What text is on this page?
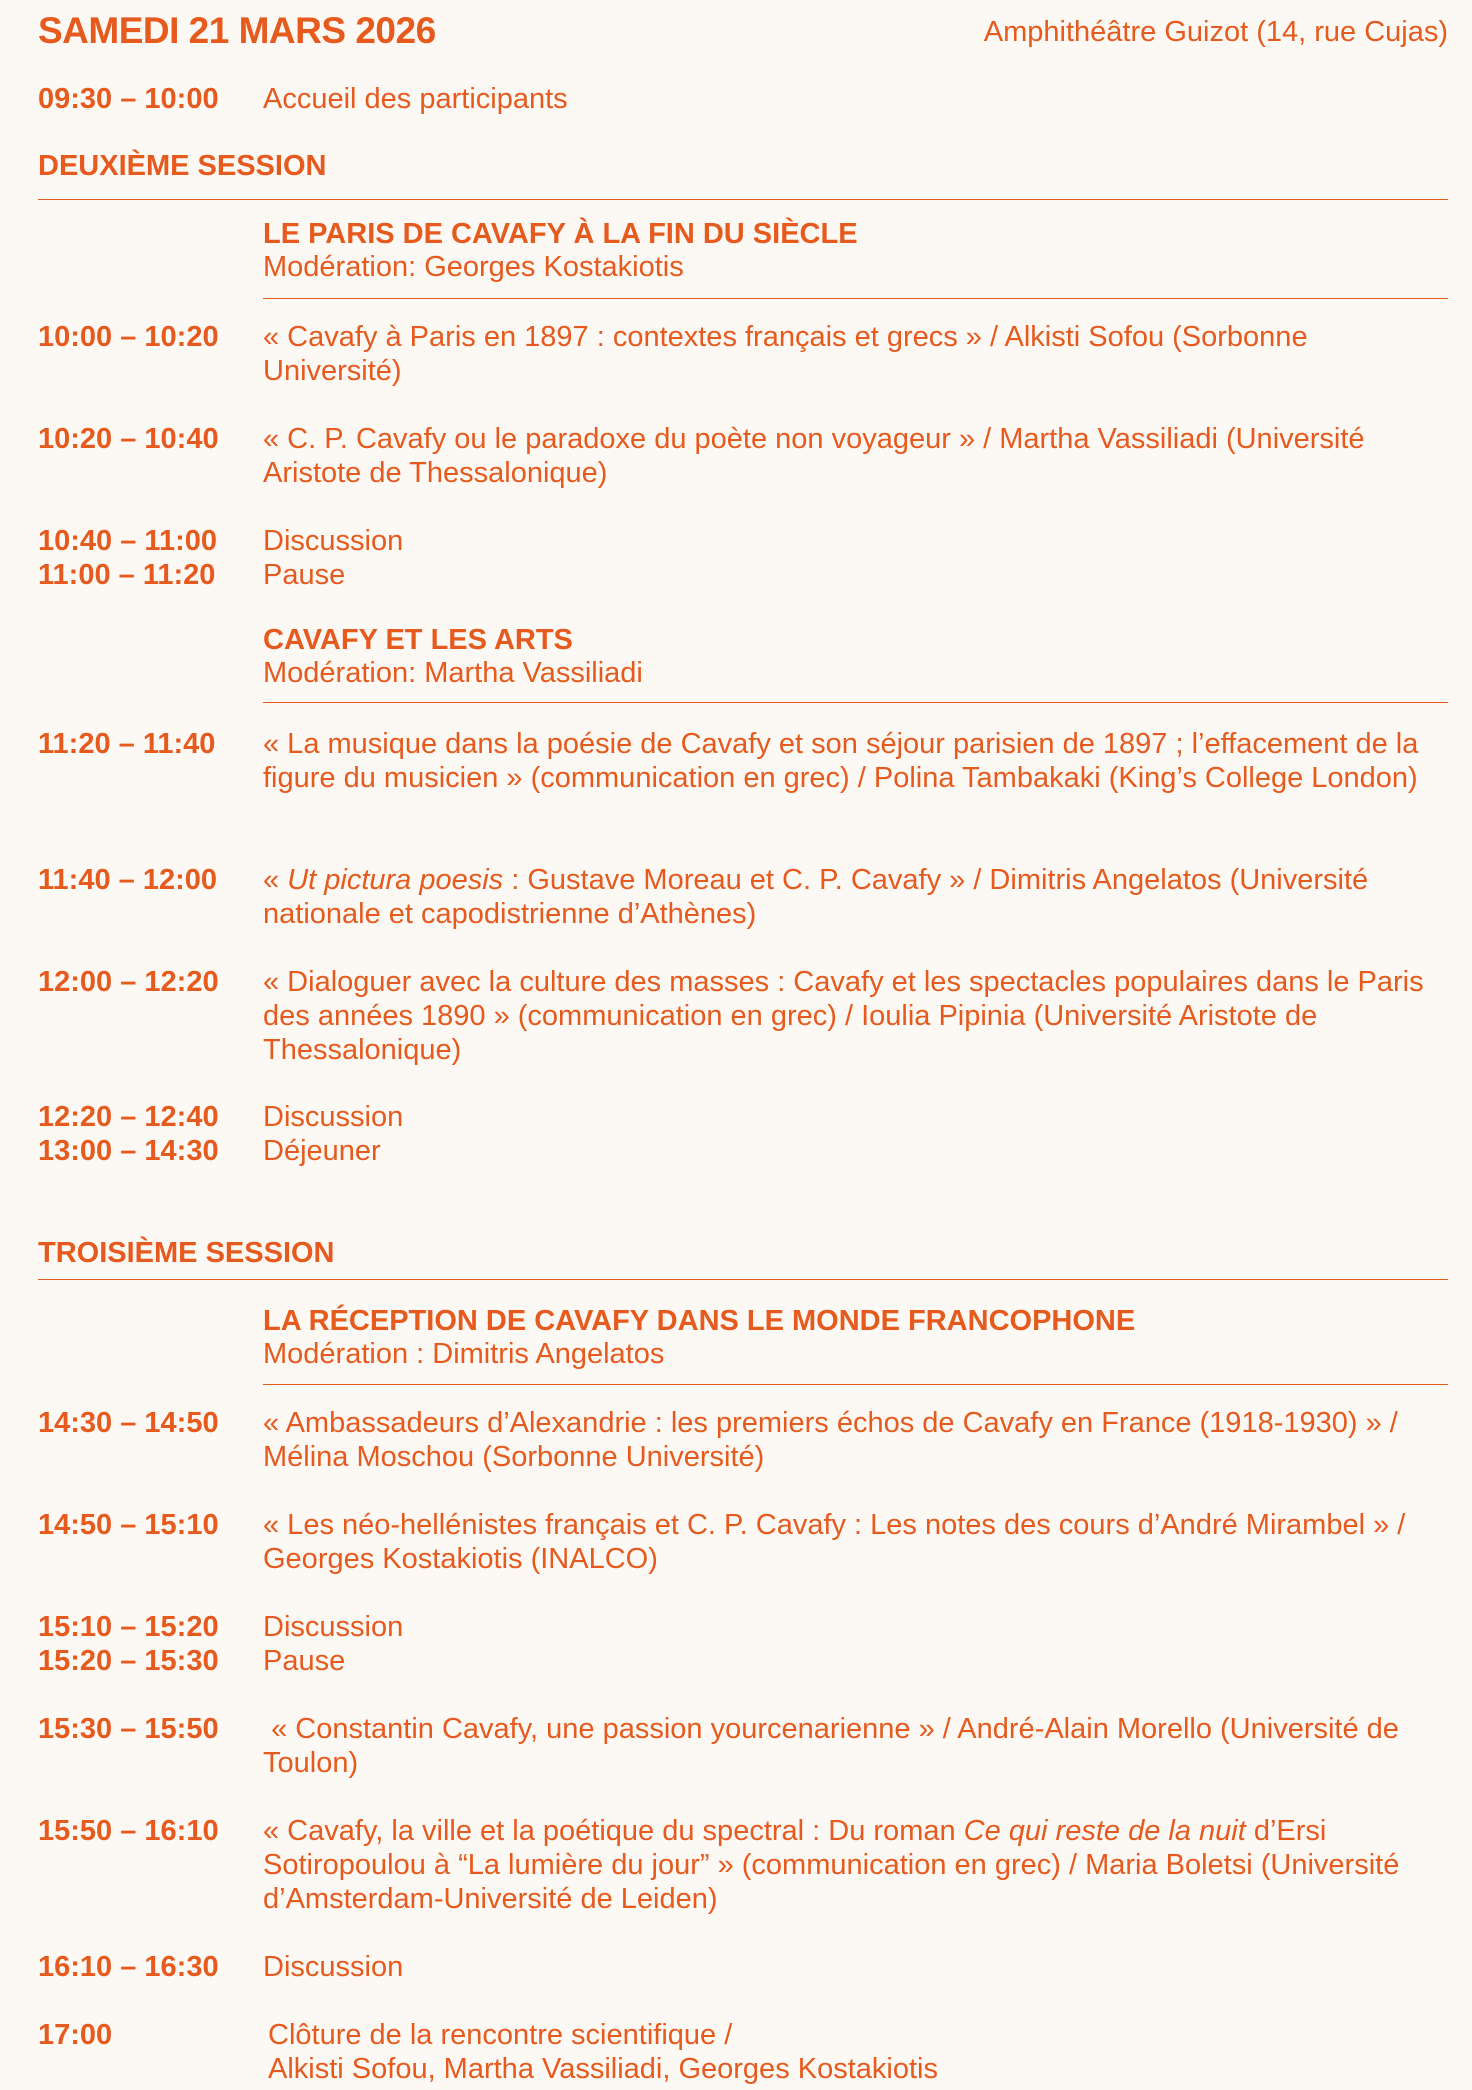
SAMEDI 21 MARS 2026	Amphithéâtre Guizot (14, rue Cujas)
09:30 – 10:00 Accueil des participants
DEUXIÈME SESSION
LE PARIS DE CAVAFY À LA FIN DU SIÈCLE
Modération: Georges Kostakiotis
10:00 – 10:20 « Cavafy à Paris en 1897 : contextes français et grecs » / Alkisti Sofou (Sorbonne Université)
10:20 – 10:40 « C. P. Cavafy ou le paradoxe du poète non voyageur » / Martha Vassiliadi (Université Aristote de Thessalonique)
10:40 – 11:00 Discussion
11:00 – 11:20 Pause
CAVAFY ET LES ARTS
Modération: Martha Vassiliadi
11:20 – 11:40 « La musique dans la poésie de Cavafy et son séjour parisien de 1897 ; l’effacement de la figure du musicien » (communication en grec) / Polina Tambakaki (King’s College London)
11:40 – 12:00 « Ut pictura poesis : Gustave Moreau et C. P. Cavafy » / Dimitris Angelatos (Université nationale et capodistrienne d’Athènes)
12:00 – 12:20 « Dialoguer avec la culture des masses : Cavafy et les spectacles populaires dans le Paris des années 1890 » (communication en grec) / Ioulia Pipinia (Université Aristote de Thessalonique)
12:20 – 12:40 Discussion
13:00 – 14:30 Déjeuner
TROISIÈME SESSION
LA RÉCEPTION DE CAVAFY DANS LE MONDE FRANCOPHONE
Modération : Dimitris Angelatos
14:30 – 14:50 « Ambassadeurs d’Alexandrie : les premiers échos de Cavafy en France (1918-1930) » / Mélina Moschou (Sorbonne Université)
14:50 – 15:10 « Les néo-hellénistes français et C. P. Cavafy : Les notes des cours d’André Mirambel » / Georges Kostakiotis (INALCO)
15:10 – 15:20 Discussion
15:20 – 15:30 Pause
15:30 – 15:50 « Constantin Cavafy, une passion yourcenarienne » / André-Alain Morello (Université de Toulon)
15:50 – 16:10 « Cavafy, la ville et la poétique du spectral : Du roman Ce qui reste de la nuit d’Ersi Sotiropoulou à “La lumière du jour” » (communication en grec) / Maria Boletsi (Université d’Amsterdam-Université de Leiden)
16:10 – 16:30 Discussion
17:00	Clôture de la rencontre scientifique /
Alkisti Sofou, Martha Vassiliadi, Georges Kostakiotis
